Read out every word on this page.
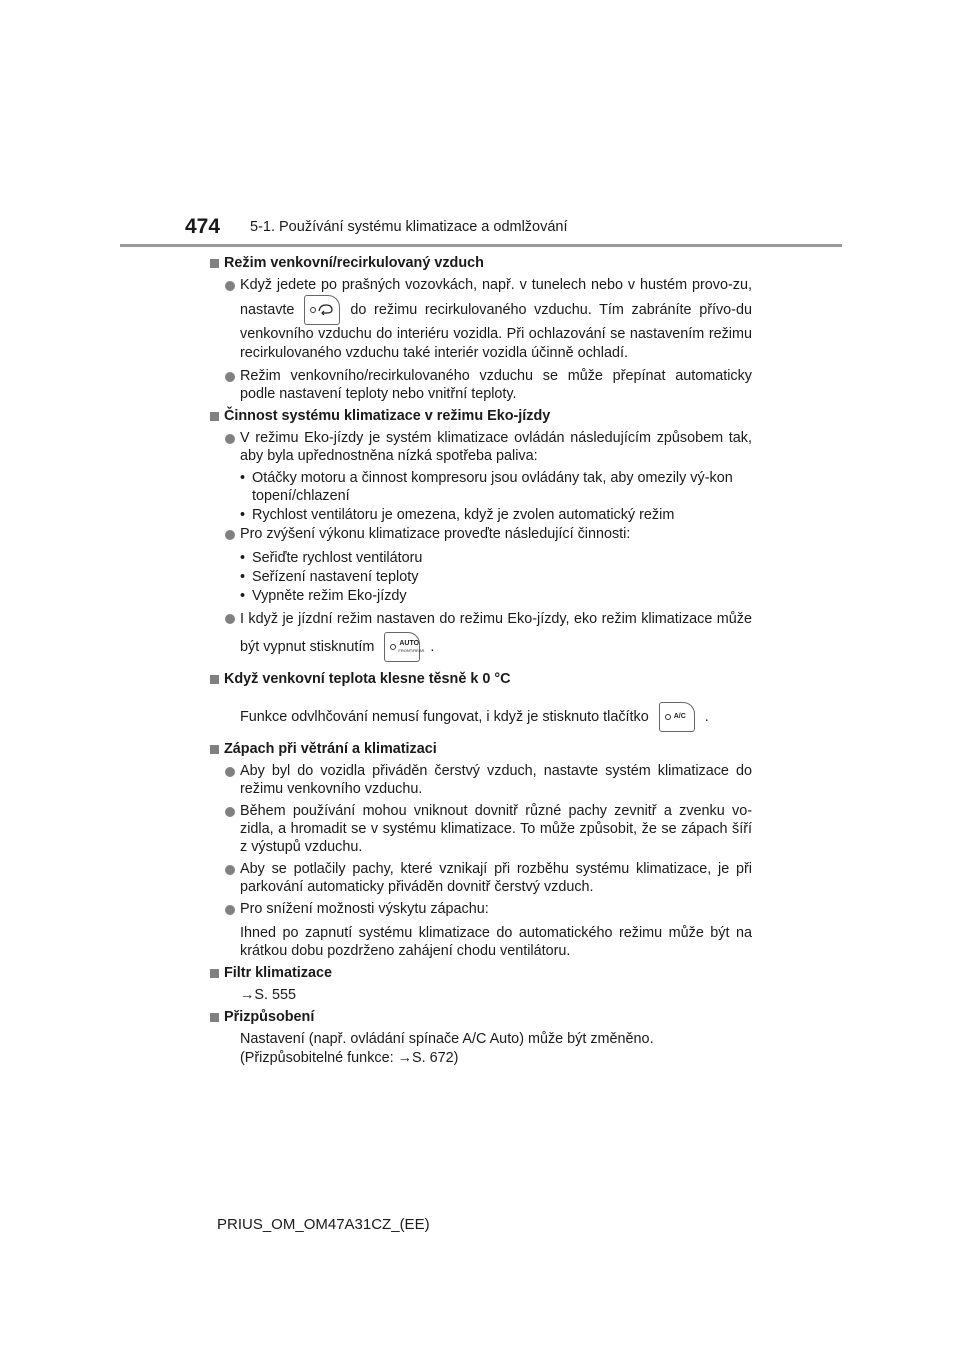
474 5-1. Používání systému klimatizace a odmlžování
Režim venkovní/recirkulovaný vzduch
Když jedete po prašných vozovkách, např. v tunelech nebo v hustém provo-zu, nastavte	do režimu recirkulovaného vzduchu. Tím zabráníte přívo-du venkovního vzduchu do interiéru vozidla. Při ochlazování se nastavením režimu recirkulovaného vzduchu také interiér vozidla účinně ochladí.
Režim venkovního/recirkulovaného vzduchu se může přepínat automaticky podle nastavení teploty nebo vnitřní teploty.
Činnost systému klimatizace v režimu Eko-jízdy
V režimu Eko-jízdy je systém klimatizace ovládán následujícím způsobem tak, aby byla upřednostněna nízká spotřeba paliva:
• Otáčky motoru a činnost kompresoru jsou ovládány tak, aby omezily vý-kon topení/chlazení
• Rychlost ventilátoru je omezena, když je zvolen automatický režim
Pro zvýšení výkonu klimatizace proveďte následující činnosti:
• Seřiďte rychlost ventilátoru
• Seřízení nastavení teploty
• Vypněte režim Eko-jízdy
I když je jízdní režim nastaven do režimu Eko-jízdy, eko režim klimatizace může být vypnut stisknutím	AUTO
FRONT/REAR .
Když venkovní teplota klesne těsně k 0 °C
Funkce odvlhčování nemusí fungovat, i když je stisknuto tlačítko	A/C .
Zápach při větrání a klimatizaci
Aby byl do vozidla přiváděn čerstvý vzduch, nastavte systém klimatizace do režimu venkovního vzduchu.
Během používání mohou vniknout dovnitř různé pachy zevnitř a zvenku vo-zidla, a hromadit se v systému klimatizace. To může způsobit, že se zápach šíří z výstupů vzduchu.
Aby se potlačily pachy, které vznikají při rozběhu systému klimatizace, je při parkování automaticky přiváděn dovnitř čerstvý vzduch.
Pro snížení možnosti výskytu zápachu:
Ihned po zapnutí systému klimatizace do automatického režimu může být na krátkou dobu pozdrženo zahájení chodu ventilátoru.
Filtr klimatizace
→S. 555
Přizpůsobení
Nastavení (např. ovládání spínače A/C Auto) může být změněno.
(Přizpůsobitelné funkce: →S. 672)
PRIUS_OM_OM47A31CZ_(EE)
